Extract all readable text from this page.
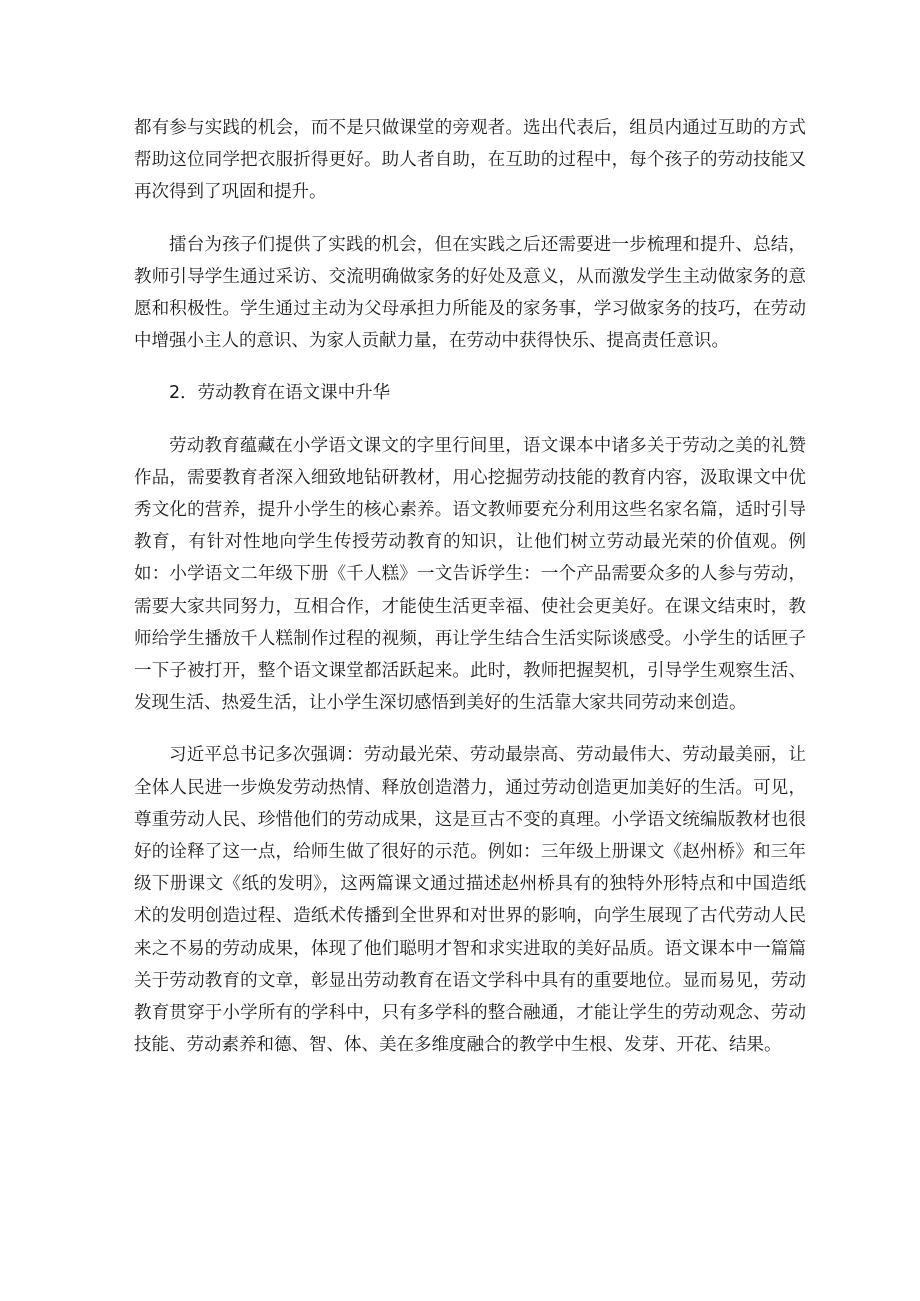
都有参与实践的机会，而不是只做课堂的旁观者。选出代表后，组员内通过互助的方式帮助这位同学把衣服折得更好。助人者自助，在互助的过程中，每个孩子的劳动技能又再次得到了巩固和提升。

擂台为孩子们提供了实践的机会，但在实践之后还需要进一步梳理和提升、总结，教师引导学生通过采访、交流明确做家务的好处及意义，从而激发学生主动做家务的意愿和积极性。学生通过主动为父母承担力所能及的家务事，学习做家务的技巧，在劳动中增强小主人的意识、为家人贡献力量，在劳动中获得快乐、提高责任意识。

2．劳动教育在语文课中升华

劳动教育蕴藏在小学语文课文的字里行间里，语文课本中诸多关于劳动之美的礼赞作品，需要教育者深入细致地钻研教材，用心挖掘劳动技能的教育内容，汲取课文中优秀文化的营养，提升小学生的核心素养。语文教师要充分利用这些名家名篇，适时引导教育，有针对性地向学生传授劳动教育的知识，让他们树立劳动最光荣的价值观。例如：小学语文二年级下册《千人糕》一文告诉学生：一个产品需要众多的人参与劳动，需要大家共同努力，互相合作，才能使生活更幸福、使社会更美好。在课文结束时，教师给学生播放千人糕制作过程的视频，再让学生结合生活实际谈感受。小学生的话匣子一下子被打开，整个语文课堂都活跃起来。此时，教师把握契机，引导学生观察生活、发现生活、热爱生活，让小学生深切感悟到美好的生活靠大家共同劳动来创造。

习近平总书记多次强调：劳动最光荣、劳动最崇高、劳动最伟大、劳动最美丽，让全体人民进一步焕发劳动热情、释放创造潜力，通过劳动创造更加美好的生活。可见，尊重劳动人民、珍惜他们的劳动成果，这是亘古不变的真理。小学语文统编版教材也很好的诠释了这一点，给师生做了很好的示范。例如：三年级上册课文《赵州桥》和三年级下册课文《纸的发明》，这两篇课文通过描述赵州桥具有的独特外形特点和中国造纸术的发明创造过程、造纸术传播到全世界和对世界的影响，向学生展现了古代劳动人民来之不易的劳动成果，体现了他们聪明才智和求实进取的美好品质。语文课本中一篇篇关于劳动教育的文章，彰显出劳动教育在语文学科中具有的重要地位。显而易见，劳动教育贯穿于小学所有的学科中，只有多学科的整合融通，才能让学生的劳动观念、劳动技能、劳动素养和德、智、体、美在多维度融合的教学中生根、发芽、开花、结果。
